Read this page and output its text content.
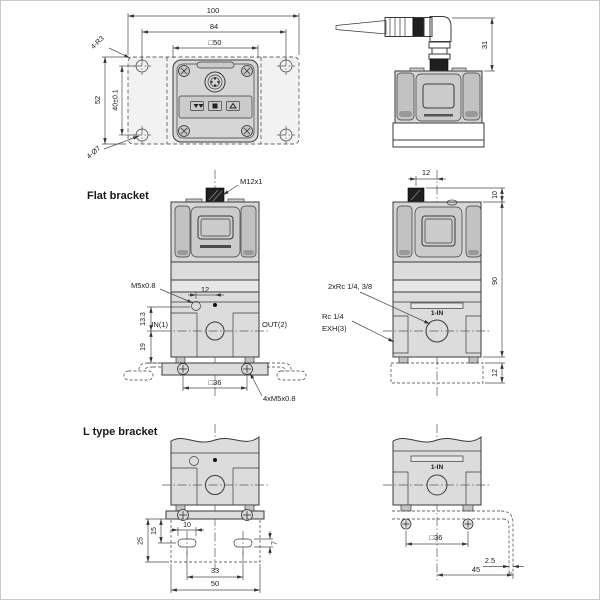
100
84
□50
52 40±0.1
4-R3
4-Ø7
31
Flat bracket
M12x1
M5x0.8	12
13.3
19
IN(1)	OUT(2)
□36
4xM5x0.8
1-IN
12
10
90
12
2xRc 1/4, 3/8
Rc 1/4
EXH(3)
L type bracket
25
15
10
7
33
50
1-IN
□36
2.5
45
